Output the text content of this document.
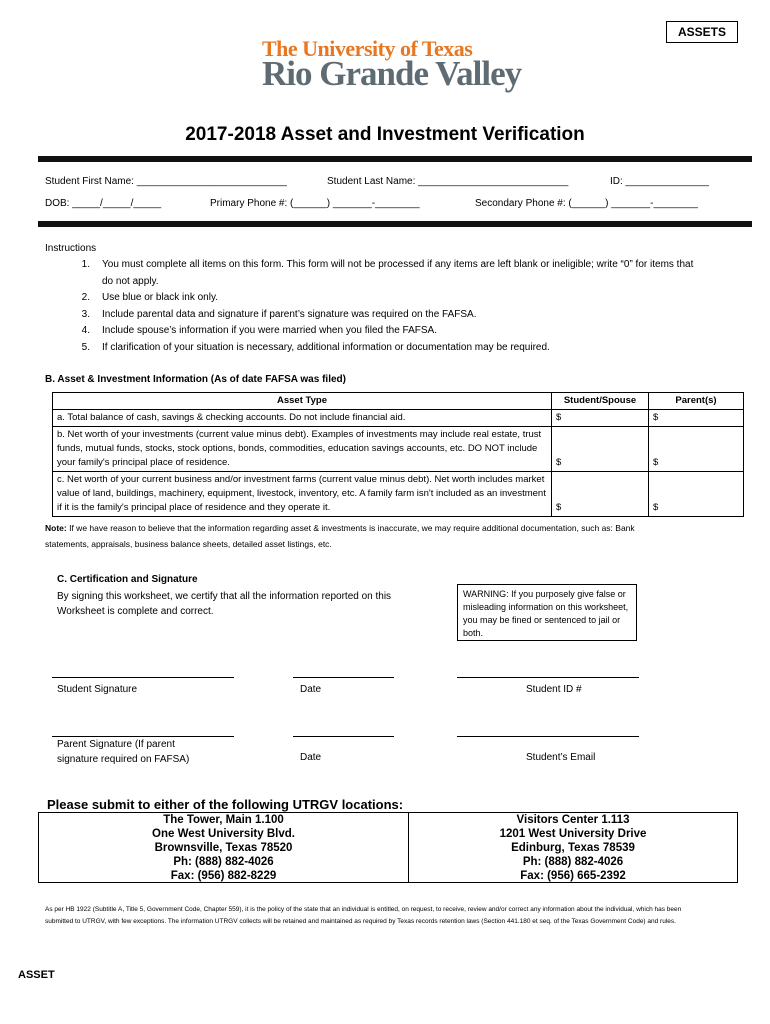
ASSETS
The University of Texas
Rio Grande Valley
2017-2018 Asset and Investment Verification
Student First Name: ___________________________	Student Last Name: ___________________________	ID: _______________
DOB: _____/_____/_____	Primary Phone #: (______) _______-________	Secondary Phone #: (______) _______-________
Instructions
1. You must complete all items on this form. This form will not be processed if any items are left blank or ineligible; write “0” for items that
do not apply.
2. Use blue or black ink only.
3. Include parental data and signature if parent’s signature was required on the FAFSA.
4. Include spouse’s information if you were married when you filed the FAFSA.
5. If clarification of your situation is necessary, additional information or documentation may be required.
B. Asset & Investment Information (As of date FAFSA was filed)
Asset Type	Student/Spouse	Parent(s)
a. Total balance of cash, savings & checking accounts. Do not include financial aid.	$	$
b. Net worth of your investments (current value minus debt). Examples of investments may include real estate, trust funds, mutual funds, stocks, stock options, bonds, commodities, education savings accounts, etc. DO NOT include your family's principal place of residence.	$	$
c. Net worth of your current business and/or investment farms (current value minus debt). Net worth includes market value of land, buildings, machinery, equipment, livestock, inventory, etc. A family farm isn't included as an investment if it is the family's principal place of residence and they operate it.	$	$
Note: If we have reason to believe that the information regarding asset & investments is inaccurate, we may require additional documentation, such as: Bank
statements, appraisals, business balance sheets, detailed asset listings, etc.
C. Certification and Signature
By signing this worksheet, we certify that all the information reported on this
Worksheet is complete and correct.
WARNING: If you purposely give false or misleading information on this worksheet, you may be fined or sentenced to jail or both.
Student Signature	Date	Student ID #
Parent Signature (If parent
signature required on FAFSA)	Date	Student’s Email
Please submit to either of the following UTRGV locations:
The Tower, Main 1.100
One West University Blvd.
Brownsville, Texas 78520
Ph: (888) 882-4026
Fax: (956) 882-8229
Visitors Center 1.113
1201 West University Drive
Edinburg, Texas 78539
Ph: (888) 882-4026
Fax: (956) 665-2392
As per HB 1922 (Subtitle A, Title 5, Government Code, Chapter 559), it is the policy of the state that an individual is entitled, on request, to receive, review and/or correct any information about the individual, which has been
submitted to UTRGV, with few exceptions. The information UTRGV collects will be retained and maintained as required by Texas records retention laws (Section 441.180 et seq. of the Texas Government Code) and rules.
ASSET
